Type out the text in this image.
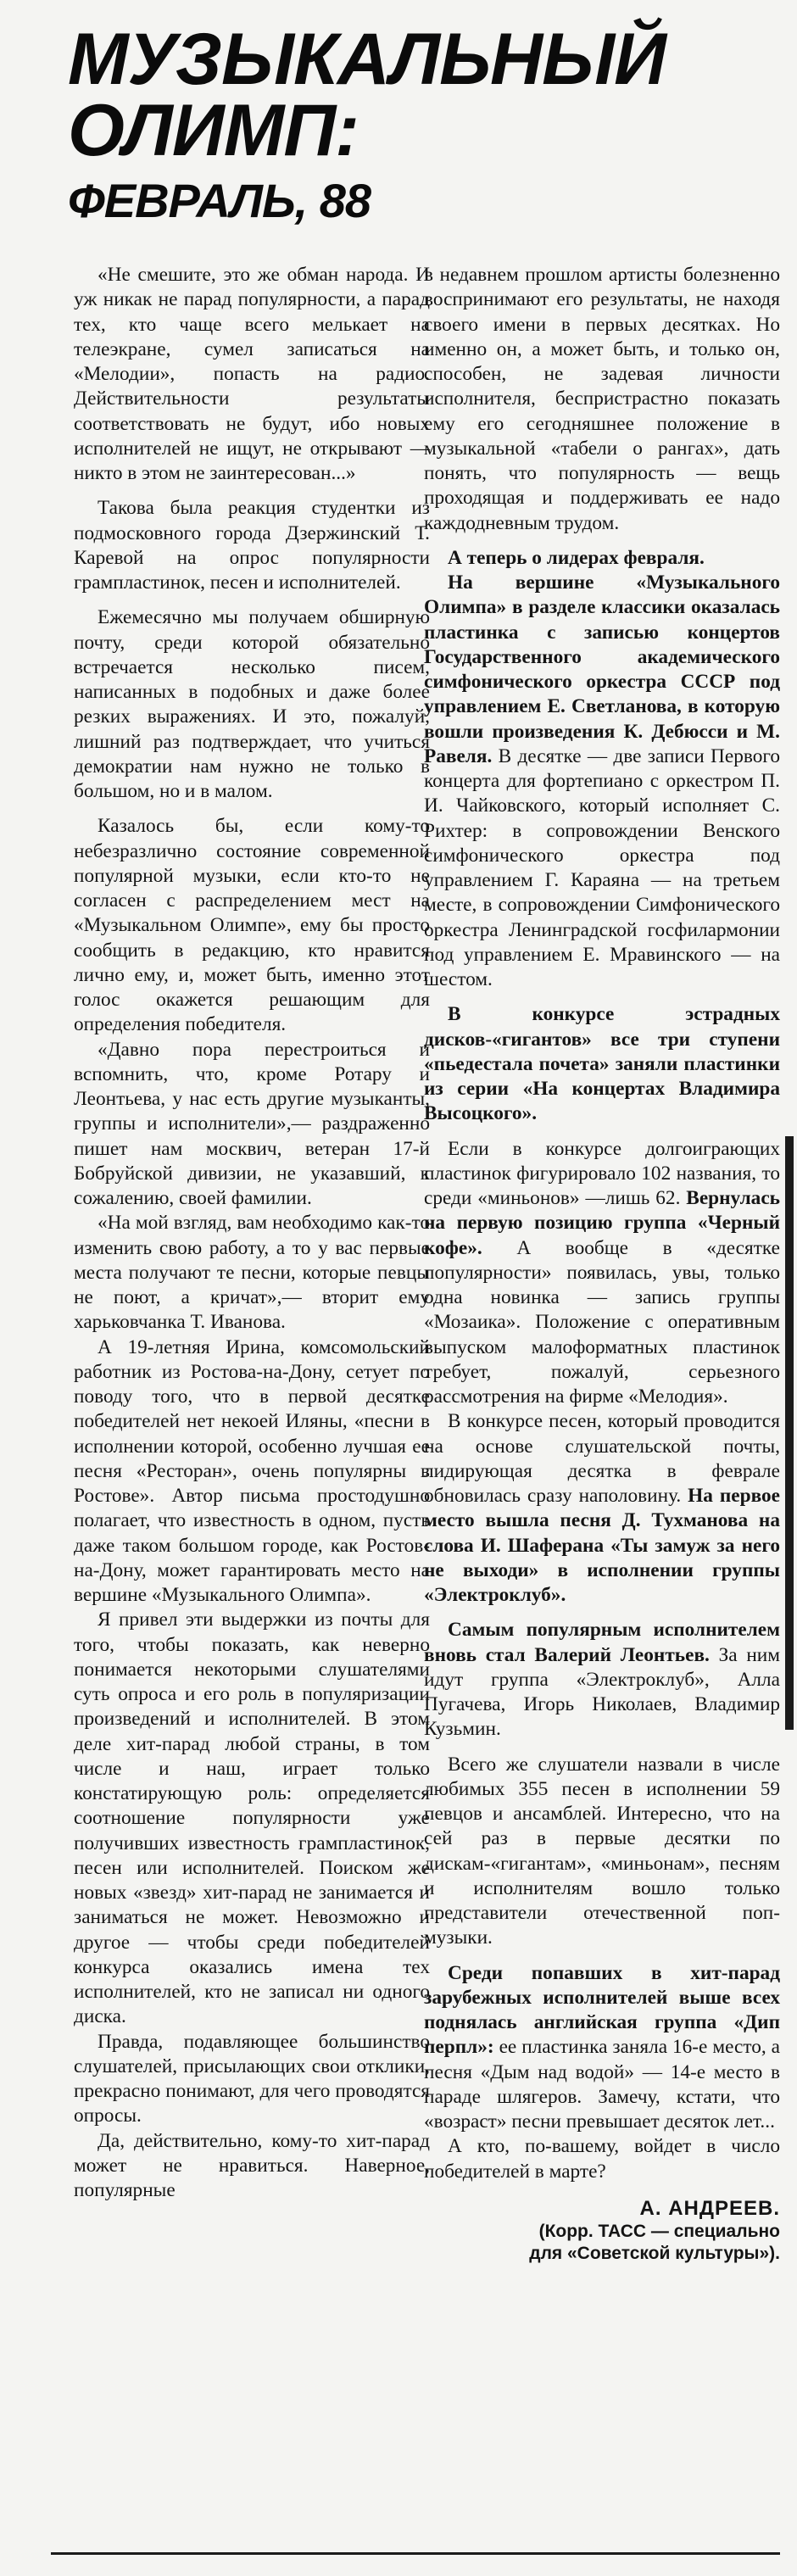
МУЗЫКАЛЬНЫЙ
ОЛИМП:
ФЕВРАЛЬ, 88

«Не смешите, это же обман народа. И уж никак не парад популярности, а парад тех, кто чаще всего мелькает на телеэкране, сумел записаться на «Мелодии», попасть на радио. Действительности результаты соответствовать не будут, ибо новых исполнителей не ищут, не открывают — никто в этом не заинтересован...»

Такова была реакция студентки из подмосковного города Дзержинский Т. Каревой на опрос популярности грампластинок, песен и исполнителей.

Ежемесячно мы получаем обширную почту, среди которой обязательно встречается несколько писем, написанных в подобных и даже более резких выражениях. И это, пожалуй, лишний раз подтверждает, что учиться демократии нам нужно не только в большом, но и в малом.

Казалось бы, если кому-то небезразлично состояние современной популярной музыки, если кто-то не согласен с распределением мест на «Музыкальном Олимпе», ему бы просто сообщить в редакцию, кто нравится лично ему, и, может быть, именно этот голос окажется решающим для определения победителя.

«Давно пора перестроиться и вспомнить, что, кроме Ротару и Леонтьева, у нас есть другие музыканты, группы и исполнители»,— раздраженно пишет нам москвич, ветеран 17-й Бобруйской дивизии, не указавший, к сожалению, своей фамилии.

«На мой взгляд, вам необходимо как-то изменить свою работу, а то у вас первые места получают те песни, которые певцы не поют, а кричат»,— вторит ему харьковчанка Т. Иванова.

А 19-летняя Ирина, комсомольский работник из Ростова-на-Дону, сетует по поводу того, что в первой десятке победителей нет некоей Иляны, «песни в исполнении которой, особенно лучшая ее песня «Ресторан», очень популярны в Ростове». Автор письма простодушно полагает, что известность в одном, пусть даже таком большом городе, как Ростов-на-Дону, может гарантировать место на вершине «Музыкального Олимпа».

Я привел эти выдержки из почты для того, чтобы показать, как неверно понимается некоторыми слушателями суть опроса и его роль в популяризации произведений и исполнителей. В этом деле хит-парад любой страны, в том числе и наш, играет только констатирующую роль: определяется соотношение популярности уже получивших известность грампластинок, песен или исполнителей. Поиском же новых «звезд» хит-парад не занимается и заниматься не может. Невозможно и другое — чтобы среди победителей конкурса оказались имена тех исполнителей, кто не записал ни одного диска.

Правда, подавляющее большинство слушателей, присылающих свои отклики, прекрасно понимают, для чего проводятся опросы.

Да, действительно, кому-то хит-парад может не нравиться. Наверное, популярные

в недавнем прошлом артисты болезненно воспринимают его результаты, не находя своего имени в первых десятках. Но именно он, а может быть, и только он, способен, не задевая личности исполнителя, беспристрастно показать ему его сегодняшнее положение в музыкальной «табели о рангах», дать понять, что популярность — вещь проходящая и поддерживать ее надо каждодневным трудом.

А теперь о лидерах февраля.

На вершине «Музыкального Олимпа» в разделе классики оказалась пластинка с записью концертов Государственного академического симфонического оркестра СССР под управлением Е. Светланова, в которую вошли произведения К. Дебюсси и М. Равеля. В десятке — две записи Первого концерта для фортепиано с оркестром П. И. Чайковского, который исполняет С. Рихтер: в сопровождении Венского симфонического оркестра под управлением Г. Караяна — на третьем месте, в сопровождении Симфонического оркестра Ленинградской госфилармонии под управлением Е. Мравинского — на шестом.

В конкурсе эстрадных дисков-«гигантов» все три ступени «пьедестала почета» заняли пластинки из серии «На концертах Владимира Высоцкого».

Если в конкурсе долгоиграющих пластинок фигурировало 102 названия, то среди «миньонов» —лишь 62. Вернулась на первую позицию группа «Черный кофе». А вообще в «десятке популярности» появилась, увы, только одна новинка — запись группы «Мозаика». Положение с оперативным выпуском малоформатных пластинок требует, пожалуй, серьезного рассмотрения на фирме «Мелодия».

В конкурсе песен, который проводится на основе слушательской почты, лидирующая десятка в феврале обновилась сразу наполовину. На первое место вышла песня Д. Тухманова на слова И. Шаферана «Ты замуж за него не выходи» в исполнении группы «Электроклуб».

Самым популярным исполнителем вновь стал Валерий Леонтьев. За ним идут группа «Электроклуб», Алла Пугачева, Игорь Николаев, Владимир Кузьмин.

Всего же слушатели назвали в числе любимых 355 песен в исполнении 59 певцов и ансамблей. Интересно, что на сей раз в первые десятки по дискам-«гигантам», «миньонам», песням и исполнителям вошло только представители отечественной поп-музыки.

Среди попавших в хит-парад зарубежных исполнителей выше всех поднялась английская группа «Дип перпл»: ее пластинка заняла 16-е место, а песня «Дым над водой» — 14-е место в параде шлягеров. Замечу, кстати, что «возраст» песни превышает десяток лет...

А кто, по-вашему, войдет в число победителей в марте?

А. АНДРЕЕВ.
(Корр. ТАСС — специально
для «Советской культуры»).
